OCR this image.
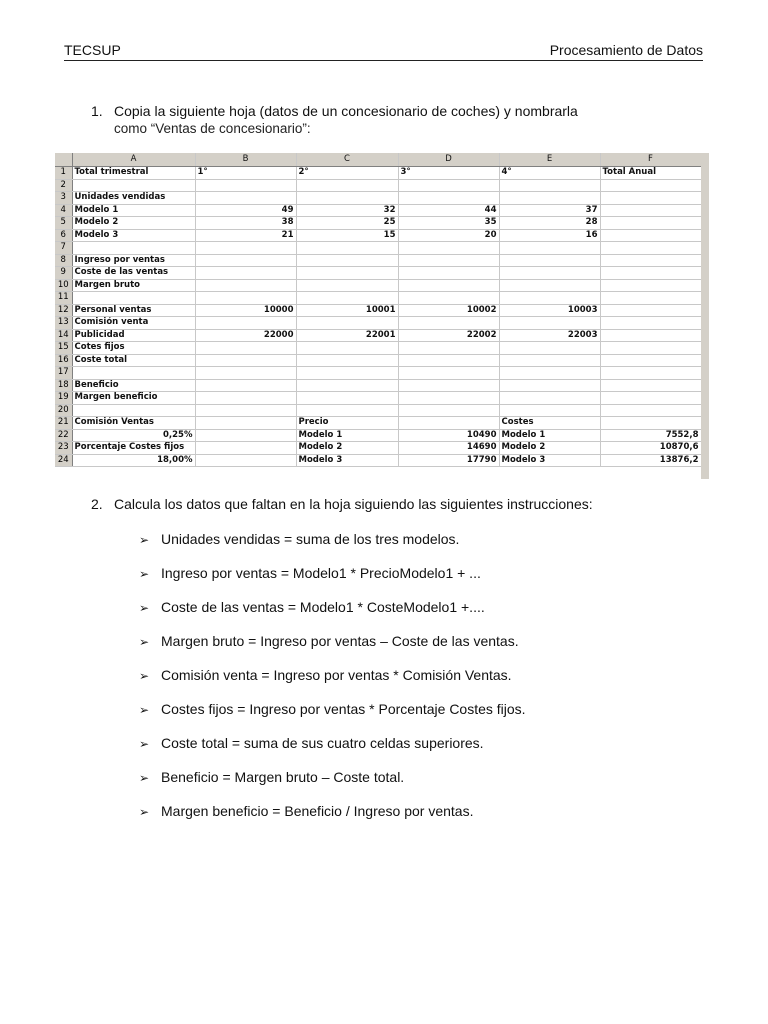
TECSUP	Procesamiento de Datos
1. Copia la siguiente hoja (datos de un concesionario de coches) y nombrarla
como “Ventas de concesionario”:
	A	B	C	D	E	F
1	Total trimestral	1°	2°	3°	4°	Total Anual
2						
3	Unidades vendidas					
4	Modelo 1	49	32	44	37	
5	Modelo 2	38	25	35	28	
6	Modelo 3	21	15	20	16	
7						
8	Ingreso por ventas					
9	Coste de las ventas					
10	Margen bruto					
11						
12	Personal ventas	10000	10001	10002	10003	
13	Comisión venta					
14	Publicidad	22000	22001	22002	22003	
15	Cotes fijos					
16	Coste total					
17						
18	Beneficio					
19	Margen beneficio					
20						
21	Comisión Ventas		Precio		Costes	
22	0,25%		Modelo 1	10490	Modelo 1	7552,8
23	Porcentaje Costes fijos		Modelo 2	14690	Modelo 2	10870,6
24	18,00%		Modelo 3	17790	Modelo 3	13876,2
2. Calcula los datos que faltan en la hoja siguiendo las siguientes instrucciones:
➢ Unidades vendidas = suma de los tres modelos.
➢ Ingreso por ventas = Modelo1 * PrecioModelo1 + ...
➢ Coste de las ventas = Modelo1 * CosteModelo1 +....
➢ Margen bruto = Ingreso por ventas – Coste de las ventas.
➢ Comisión venta = Ingreso por ventas * Comisión Ventas.
➢ Costes fijos = Ingreso por ventas * Porcentaje Costes fijos.
➢ Coste total = suma de sus cuatro celdas superiores.
➢ Beneficio = Margen bruto – Coste total.
➢ Margen beneficio = Beneficio / Ingreso por ventas.
